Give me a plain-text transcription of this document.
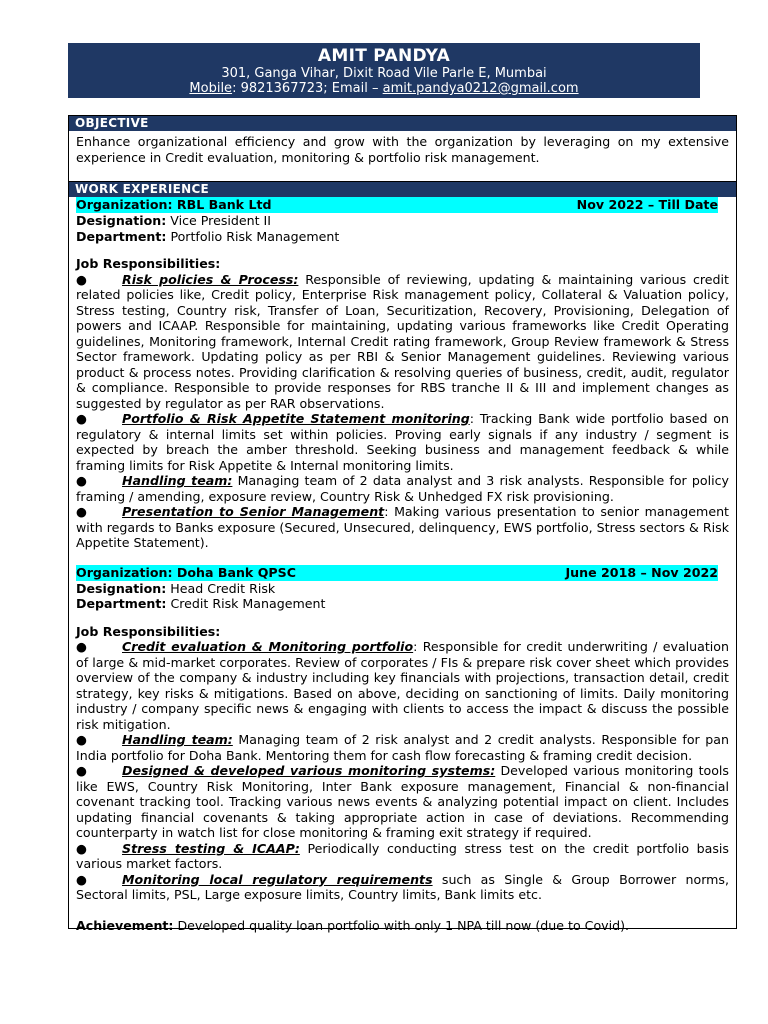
AMIT PANDYA
301, Ganga Vihar, Dixit Road Vile Parle E, Mumbai
Mobile: 9821367723; Email – amit.pandya0212@gmail.com
OBJECTIVE
Enhance organizational efficiency and grow with the organization by leveraging on my extensive experience in Credit evaluation, monitoring & portfolio risk management.
WORK EXPERIENCE
Organization: RBL Bank Ltd	Nov 2022 – Till Date
Designation: Vice President II
Department: Portfolio Risk Management
Job Responsibilities:
●	Risk policies & Process: Responsible of reviewing, updating & maintaining various credit related policies like, Credit policy, Enterprise Risk management policy, Collateral & Valuation policy, Stress testing, Country risk, Transfer of Loan, Securitization, Recovery, Provisioning, Delegation of powers and ICAAP. Responsible for maintaining, updating various frameworks like Credit Operating guidelines, Monitoring framework, Internal Credit rating framework, Group Review framework & Stress Sector framework. Updating policy as per RBI & Senior Management guidelines. Reviewing various product & process notes. Providing clarification & resolving queries of business, credit, audit, regulator & compliance. Responsible to provide responses for RBS tranche II & III and implement changes as suggested by regulator as per RAR observations.
●	Portfolio & Risk Appetite Statement monitoring: Tracking Bank wide portfolio based on regulatory & internal limits set within policies. Proving early signals if any industry / segment is expected by breach the amber threshold. Seeking business and management feedback & while framing limits for Risk Appetite & Internal monitoring limits.
●	Handling team: Managing team of 2 data analyst and 3 risk analysts. Responsible for policy framing / amending, exposure review, Country Risk & Unhedged FX risk provisioning.
●	Presentation to Senior Management: Making various presentation to senior management with regards to Banks exposure (Secured, Unsecured, delinquency, EWS portfolio, Stress sectors & Risk Appetite Statement).
Organization: Doha Bank QPSC	June 2018 – Nov 2022
Designation: Head Credit Risk
Department: Credit Risk Management
Job Responsibilities:
●	Credit evaluation & Monitoring portfolio: Responsible for credit underwriting / evaluation of large & mid-market corporates. Review of corporates / FIs & prepare risk cover sheet which provides overview of the company & industry including key financials with projections, transaction detail, credit strategy, key risks & mitigations. Based on above, deciding on sanctioning of limits. Daily monitoring industry / company specific news & engaging with clients to access the impact & discuss the possible risk mitigation.
●	Handling team: Managing team of 2 risk analyst and 2 credit analysts. Responsible for pan India portfolio for Doha Bank. Mentoring them for cash flow forecasting & framing credit decision.
●	Designed & developed various monitoring systems: Developed various monitoring tools like EWS, Country Risk Monitoring, Inter Bank exposure management, Financial & non-financial covenant tracking tool. Tracking various news events & analyzing potential impact on client. Includes updating financial covenants & taking appropriate action in case of deviations. Recommending counterparty in watch list for close monitoring & framing exit strategy if required.
●	Stress testing & ICAAP: Periodically conducting stress test on the credit portfolio basis various market factors.
●	Monitoring local regulatory requirements such as Single & Group Borrower norms, Sectoral limits, PSL, Large exposure limits, Country limits, Bank limits etc.
Achievement: Developed quality loan portfolio with only 1 NPA till now (due to Covid).
